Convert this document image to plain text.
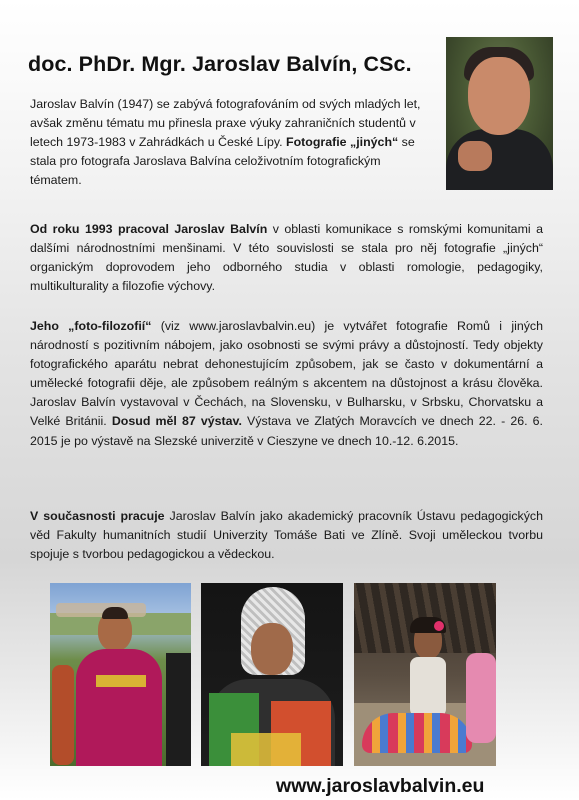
doc. PhDr. Mgr. Jaroslav Balvín, CSc.
Jaroslav Balvín (1947) se zabývá fotografováním od svých mladých let, avšak změnu tématu mu přinesla praxe výuky zahraničních studentů v letech 1973-1983 v Zahrádkách u České Lípy. Fotografie „jiných“ se stala pro fotografa Jaroslava Balvína celoživotním fotografickým tématem.
Od roku 1993 pracoval Jaroslav Balvín v oblasti komunikace s romskými komunitami a dalšími národnostními menšinami. V této souvislosti se stala pro něj fotografie „jiných“ organickým doprovodem jeho odborného studia v oblasti romologie, pedagogiky, multikulturality a filozofie výchovy.
Jeho „foto-filozofií“ (viz www.jaroslavbalvin.eu) je vytvářet fotografie Romů i jiných národností s pozitivním nábojem, jako osobnosti se svými právy a důstojností. Tedy objekty fotografického aparátu nebrat dehonestujícím způsobem, jak se často v dokumentární a umělecké fotografii děje, ale způsobem reálným s akcentem na důstojnost a krásu člověka. Jaroslav Balvín vystavoval v Čechách, na Slovensku, v Bulharsku, v Srbsku, Chorvatsku a Velké Británii. Dosud měl 87 výstav. Výstava ve Zlatých Moravcích ve dnech 22. - 26. 6. 2015 je po výstavě na Slezské univerzitě v Cieszyne ve dnech 10.-12. 6.2015.
V současnosti pracuje Jaroslav Balvín jako akademický pracovník Ústavu pedagogických věd Fakulty humanitních studií Univerzity Tomáše Bati ve Zlíně. Svoji uměleckou tvorbu spojuje s tvorbou pedagogickou a vědeckou.
www.jaroslavbalvin.eu
